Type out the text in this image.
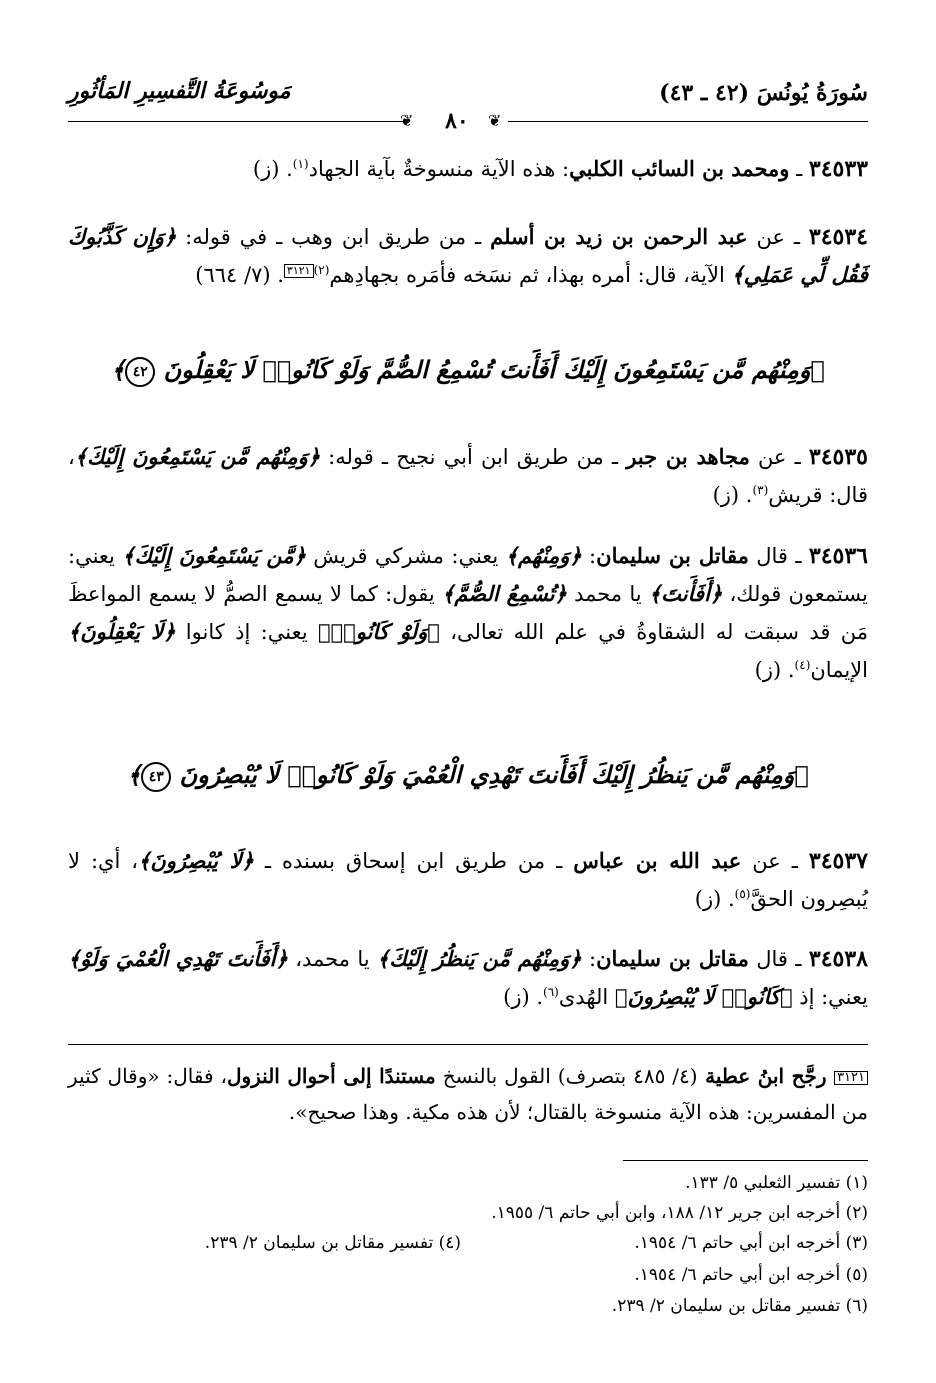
سُورَةُ يُونُسَ (٤٢ ـ ٤٣)
مَوسُوعَةُ التَّفسِيرِ المَأثُورِ
❦ ٨٠ ❦
٣٤٥٣٣ ـ ومحمد بن السائب الكلبي: هذه الآية منسوخةٌ بآية الجهاد$^{(١)}$. (ز)
٣٤٥٣٤ ـ عن عبد الرحمن بن زيد بن أسلم ـ من طريق ابن وهب ـ في قوله: ﴿وَإِن كَذَّبُوكَ فَقُل لِّي عَمَلِي﴾ الآية، قال: أمره بهذا، ثم نسَخه فأمَره بجهادِهم$^{(٢)}$٣١٢١. (٧/ ٦٦٤)
﴿وَمِنْهُم مَّن يَسْتَمِعُونَ إِلَيْكَ أَفَأَنتَ تُسْمِعُ الصُّمَّ وَلَوْ كَانُوا۟ لَا يَعْقِلُونَ ٤٢﴾
٣٤٥٣٥ ـ عن مجاهد بن جبر ـ من طريق ابن أبي نجيح ـ قوله: ﴿وَمِنْهُم مَّن يَسْتَمِعُونَ إِلَيْكَ﴾، قال: قريش$^{(٣)}$. (ز)
٣٤٥٣٦ ـ قال مقاتل بن سليمان: ﴿وَمِنْهُم﴾ يعني: مشركي قريش ﴿مَّن يَسْتَمِعُونَ إِلَيْكَ﴾ يعني: يستمعون قولك، ﴿أَفَأَنتَ﴾ يا محمد ﴿تُسْمِعُ الصُّمَّ﴾ يقول: كما لا يسمع الصمُّ لا يسمع المواعظَ مَن قد سبقت له الشقاوةُ في علم الله تعالى، ﴿وَلَوْ كَانُوا۟﴾ يعني: إذ كانوا ﴿لَا يَعْقِلُونَ﴾ الإيمان$^{(٤)}$. (ز)
﴿وَمِنْهُم مَّن يَنظُرُ إِلَيْكَ أَفَأَنتَ تَهْدِي الْعُمْيَ وَلَوْ كَانُوا۟ لَا يُبْصِرُونَ ٤٣﴾
٣٤٥٣٧ ـ عن عبد الله بن عباس ـ من طريق ابن إسحاق بسنده ـ ﴿لَا يُبْصِرُونَ﴾، أي: لا يُبصِرون الحقَّ$^{(٥)}$. (ز)
٣٤٥٣٨ ـ قال مقاتل بن سليمان: ﴿وَمِنْهُم مَّن يَنظُرُ إِلَيْكَ﴾ يا محمد، ﴿أَفَأَنتَ تَهْدِي الْعُمْيَ وَلَوْ﴾ يعني: إذ ﴿كَانُوا۟ لَا يُبْصِرُونَ﴾ الهُدى$^{(٦)}$. (ز)
٣١٢١ رجَّح ابنُ عطية (٤/ ٤٨٥ بتصرف) القول بالنسخ مستندًا إلى أحوال النزول، فقال: «وقال كثير من المفسرين: هذه الآية منسوخة بالقتال؛ لأن هذه مكية. وهذا صحيح».
(١) تفسير الثعلبي ٥/ ١٣٣.
(٢) أخرجه ابن جرير ١٢/ ١٨٨، وابن أبي حاتم ٦/ ١٩٥٥.
(٣) أخرجه ابن أبي حاتم ٦/ ١٩٥٤.
(٤) تفسير مقاتل بن سليمان ٢/ ٢٣٩.
(٥) أخرجه ابن أبي حاتم ٦/ ١٩٥٤.
(٦) تفسير مقاتل بن سليمان ٢/ ٢٣٩.
